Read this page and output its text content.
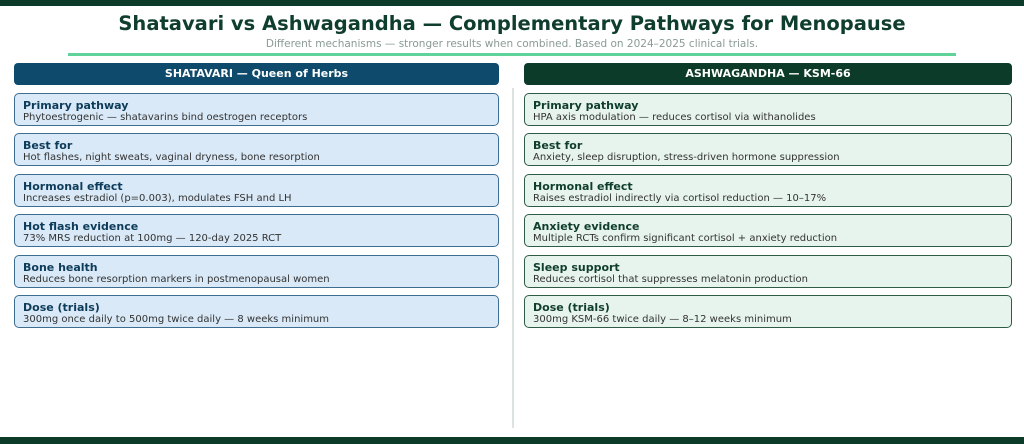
Shatavari vs Ashwagandha — Complementary Pathways for Menopause
Different mechanisms — stronger results when combined. Based on 2024–2025 clinical trials.
SHATAVARI — Queen of Herbs
Primary pathway
Phytoestrogenic — shatavarins bind oestrogen receptors
Best for
Hot flashes, night sweats, vaginal dryness, bone resorption
Hormonal effect
Increases estradiol (p=0.003), modulates FSH and LH
Hot flash evidence
73% MRS reduction at 100mg — 120-day 2025 RCT
Bone health
Reduces bone resorption markers in postmenopausal women
Dose (trials)
300mg once daily to 500mg twice daily — 8 weeks minimum
ASHWAGANDHA — KSM-66
Primary pathway
HPA axis modulation — reduces cortisol via withanolides
Best for
Anxiety, sleep disruption, stress-driven hormone suppression
Hormonal effect
Raises estradiol indirectly via cortisol reduction — 10–17%
Anxiety evidence
Multiple RCTs confirm significant cortisol + anxiety reduction
Sleep support
Reduces cortisol that suppresses melatonin production
Dose (trials)
300mg KSM-66 twice daily — 8–12 weeks minimum
